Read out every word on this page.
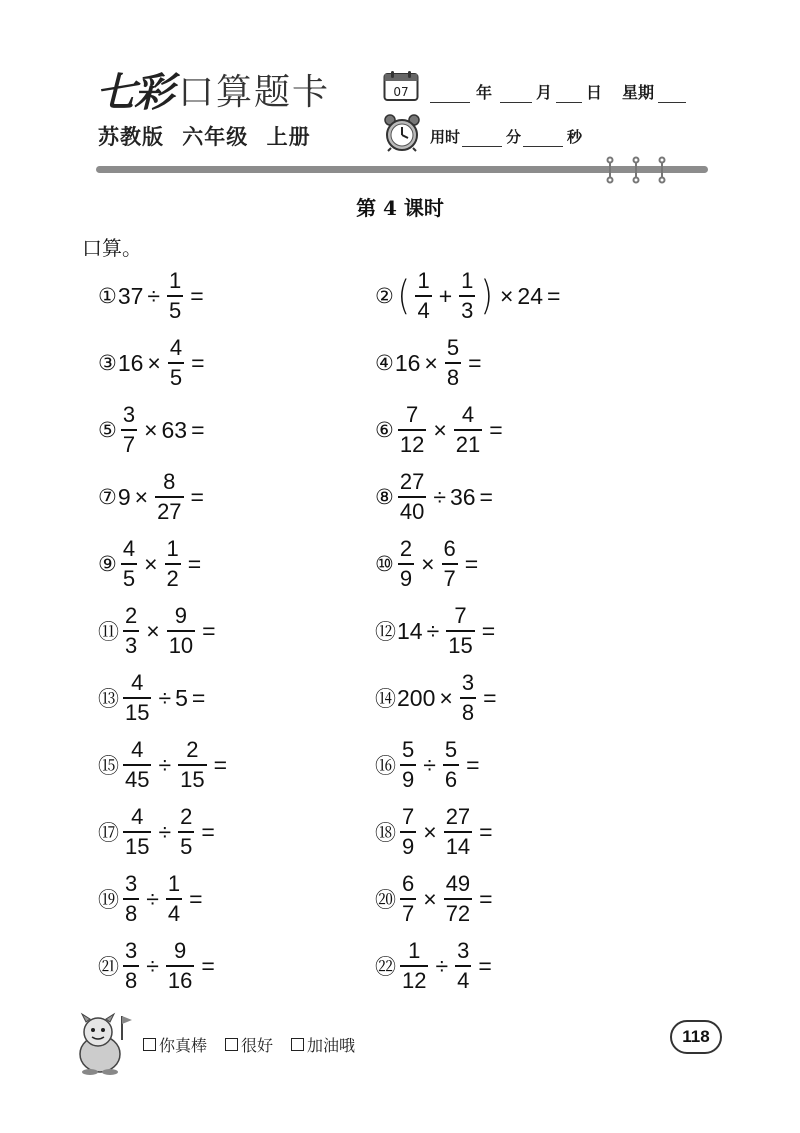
七彩 口算题卡
苏教版 六年级 上册
07	年	月 日 星期
用时	分	秒
第 4 课时
口算。
① $37 \div \frac{1}{5}$ =
③ $16 \times \frac{4}{5}$ =
⑤ $\frac{3}{7} \times 63$ =
⑦ $9 \times \frac{8}{27}$ =
⑨ $\frac{4}{5} \times \frac{1}{2}$ =
⑪ $\frac{2}{3} \times \frac{9}{10}$ =
⑬ $\frac{4}{15} \div 5$ =
⑮ $\frac{4}{45} \div \frac{2}{15}$ =
⑰ $\frac{4}{15} \div \frac{2}{5}$ =
⑲ $\frac{3}{8} \div \frac{1}{4}$ =
㉑ $\frac{3}{8} \div \frac{9}{16}$ =
② ( $\frac{1}{4} + \frac{1}{3}$ ) × 24 =
④ $16 \times \frac{5}{8}$ =
⑥ $\frac{7}{12} \times \frac{4}{21}$ =
⑧ $\frac{27}{40} \div 36$ =
⑩ $\frac{2}{9} \times \frac{6}{7}$ =
⑫ $14 \div \frac{7}{15}$ =
⑭ $200 \times \frac{3}{8}$ =
⑯ $\frac{5}{9} \div \frac{5}{6}$ =
⑱ $\frac{7}{9} \times \frac{27}{14}$ =
⑳ $\frac{6}{7} \times \frac{49}{72}$ =
㉒ $\frac{1}{12} \div \frac{3}{4}$ =
你真棒 很好 加油哦	118
